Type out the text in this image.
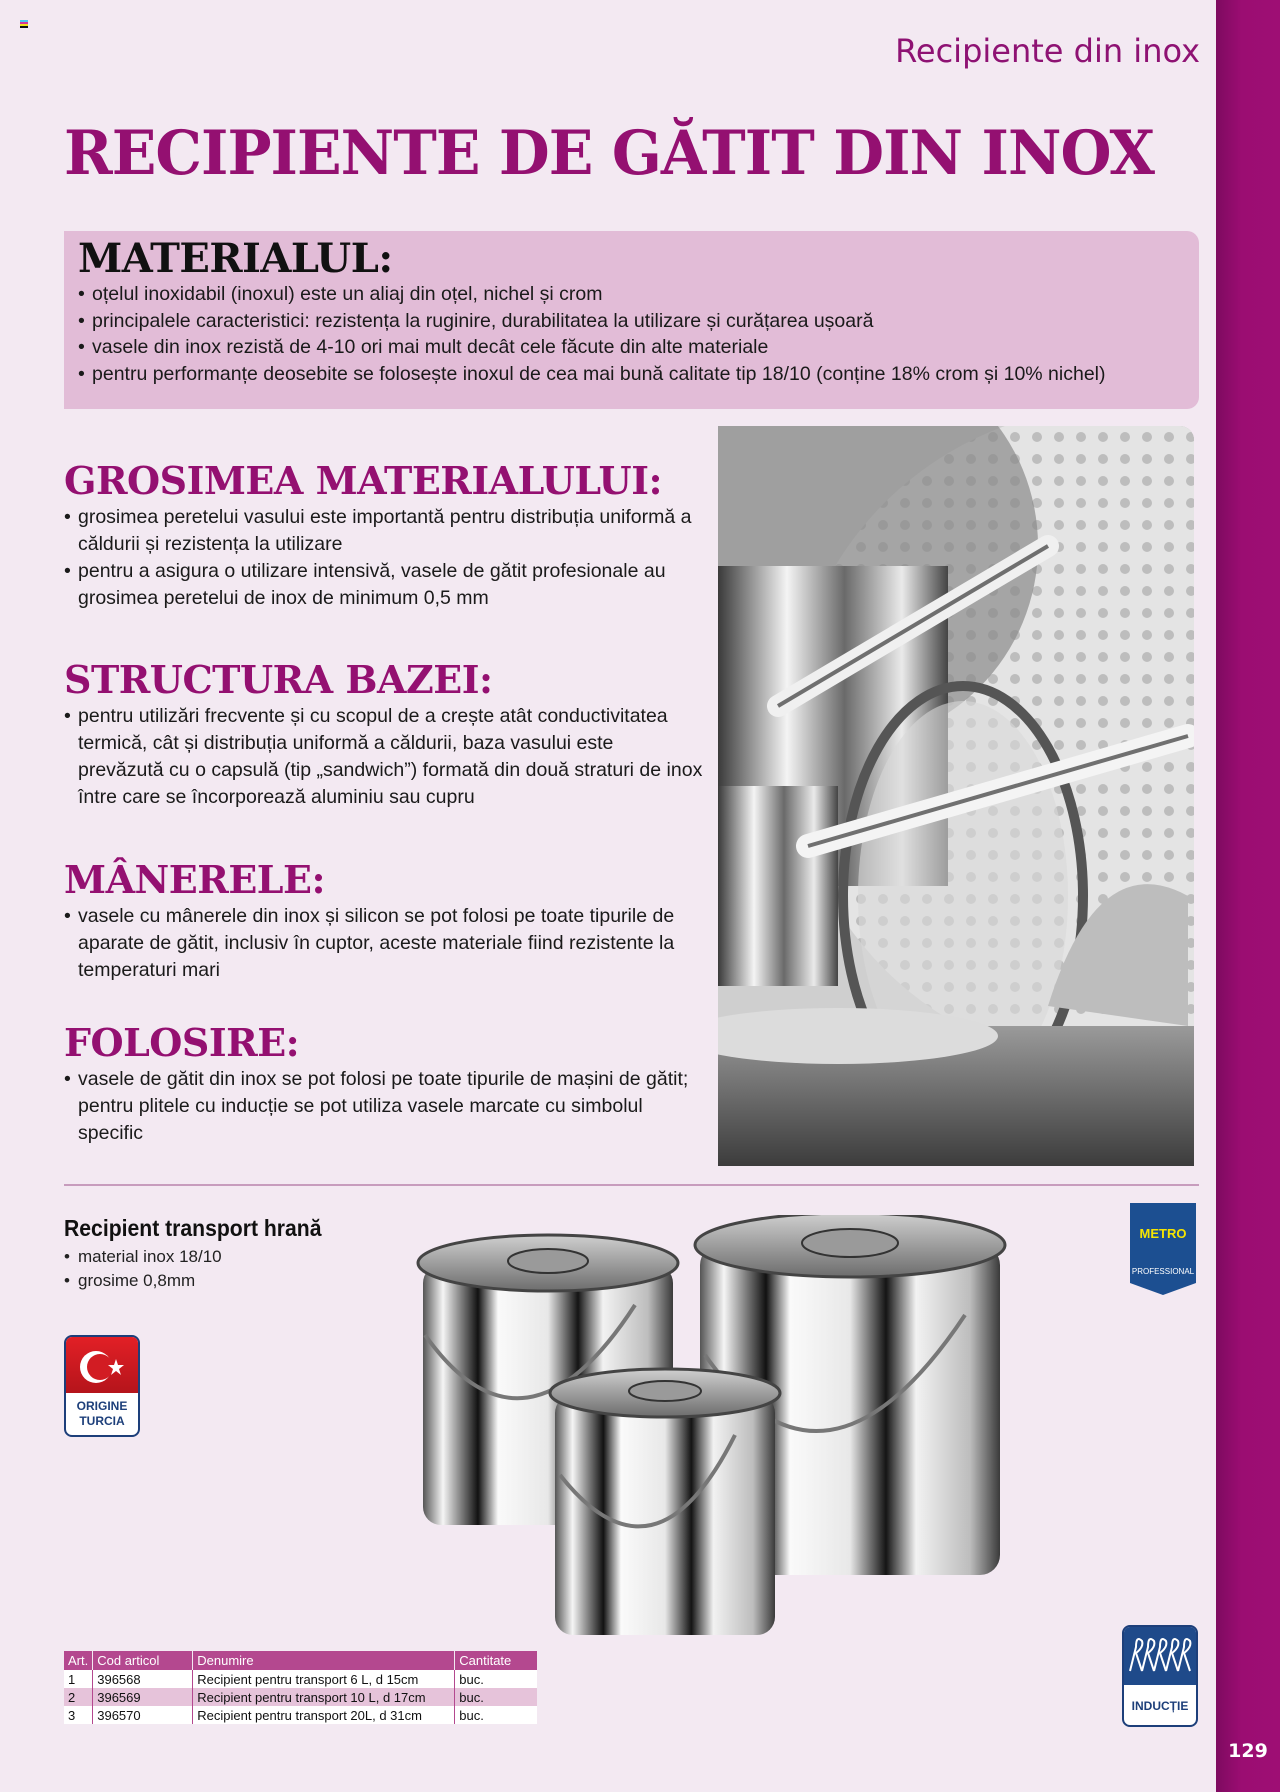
129
Recipiente din inox
RECIPIENTE DE GĂTIT DIN INOX
MATERIALUL:
• oțelul inoxidabil (inoxul) este un aliaj din oțel, nichel și crom
• principalele caracteristici: rezistența la ruginire, durabilitatea la utilizare și curățarea ușoară
• vasele din inox rezistă de 4-10 ori mai mult decât cele făcute din alte materiale
• pentru performanțe deosebite se folosește inoxul de cea mai bună calitate tip 18/10 (conține 18% crom și 10% nichel)
GROSIMEA MATERIALULUI:
• grosimea peretelui vasului este importantă pentru distribuția uniformă a căldurii și rezistența la utilizare
• pentru a asigura o utilizare intensivă, vasele de gătit profesionale au grosimea peretelui de inox de minimum 0,5 mm
STRUCTURA BAZEI:
• pentru utilizări frecvente și cu scopul de a crește atât conductivitatea termică, cât și distribuția uniformă a căldurii, baza vasului este prevăzută cu o capsulă (tip „sandwich”) formată din două straturi de inox între care se încorporează aluminiu sau cupru
MÂNERELE:
• vasele cu mânerele din inox și silicon se pot folosi pe toate tipurile de aparate de gătit, inclusiv în cuptor, aceste materiale fiind rezistente la temperaturi mari
FOLOSIRE:
• vasele de gătit din inox se pot folosi pe toate tipurile de mașini de gătit; pentru plitele cu inducție se pot utiliza vasele marcate cu simbolul specific
Recipient transport hrană
• material inox 18/10
• grosime 0,8mm
ORIGINE
TURCIA
METRO
PROFESSIONAL
INDUCȚIE
Art.	Cod articol	Denumire	Cantitate
1	396568	Recipient pentru transport 6 L, d 15cm	buc.
2	396569	Recipient pentru transport 10 L, d 17cm	buc.
3	396570	Recipient pentru transport 20L, d 31cm	buc.
